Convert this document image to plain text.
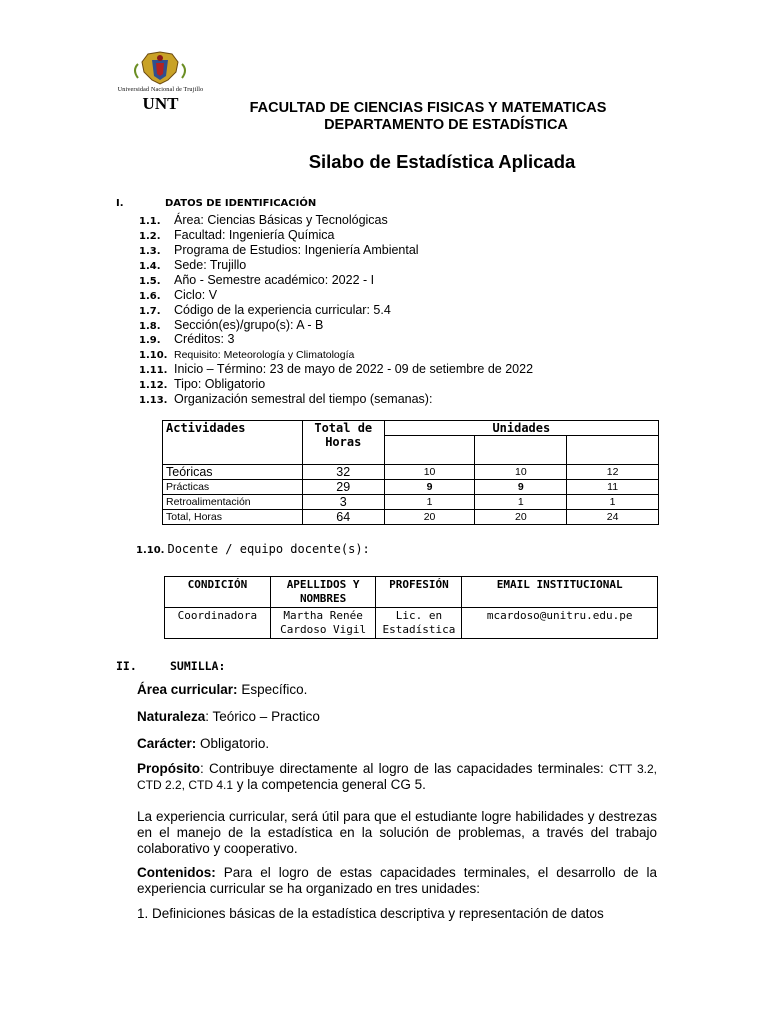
Universidad Nacional de Trujillo
UNT	FACULTAD DE CIENCIAS FISICAS Y MATEMATICAS
DEPARTAMENTO DE ESTADÍSTICA
Silabo de Estadística Aplicada
I.	DATOS DE IDENTIFICACIÓN
1.1. Área: Ciencias Básicas y Tecnológicas
1.2. Facultad: Ingeniería Química
1.3. Programa de Estudios: Ingeniería Ambiental
1.4. Sede: Trujillo
1.5. Año - Semestre académico: 2022 - I
1.6. Ciclo: V
1.7. Código de la experiencia curricular: 5.4
1.8. Sección(es)/grupo(s): A - B
1.9. Créditos: 3
1.10. Requisito: Meteorología y Climatología
1.11. Inicio – Término: 23 de mayo de 2022 - 09 de setiembre de 2022
1.12. Tipo: Obligatorio
1.13. Organización semestral del tiempo (semanas):
Actividades	Total de Horas	Unidades		

Teóricas	32	10	10	12
Prácticas	29	9	9	11
Retroalimentación	3	1	1	1
Total, Horas	64	20	20	24
1.10. Docente / equipo docente(s):
CONDICIÓN	APELLIDOS Y NOMBRES	PROFESIÓN	EMAIL INSTITUCIONAL
Coordinadora	Martha Renée Cardoso Vigil	Lic. en Estadística	mcardoso@unitru.edu.pe
II.	SUMILLA:
Área curricular: Específico.
Naturaleza: Teórico – Practico
Carácter: Obligatorio.
Propósito: Contribuye directamente al logro de las capacidades terminales: CTT 3.2, CTD 2.2, CTD 4.1 y la competencia general CG 5.
La experiencia curricular, será útil para que el estudiante logre habilidades y destrezas en el manejo de la estadística en la solución de problemas, a través del trabajo colaborativo y cooperativo.
Contenidos: Para el logro de estas capacidades terminales, el desarrollo de la experiencia curricular se ha organizado en tres unidades:
1. Definiciones básicas de la estadística descriptiva y representación de datos
